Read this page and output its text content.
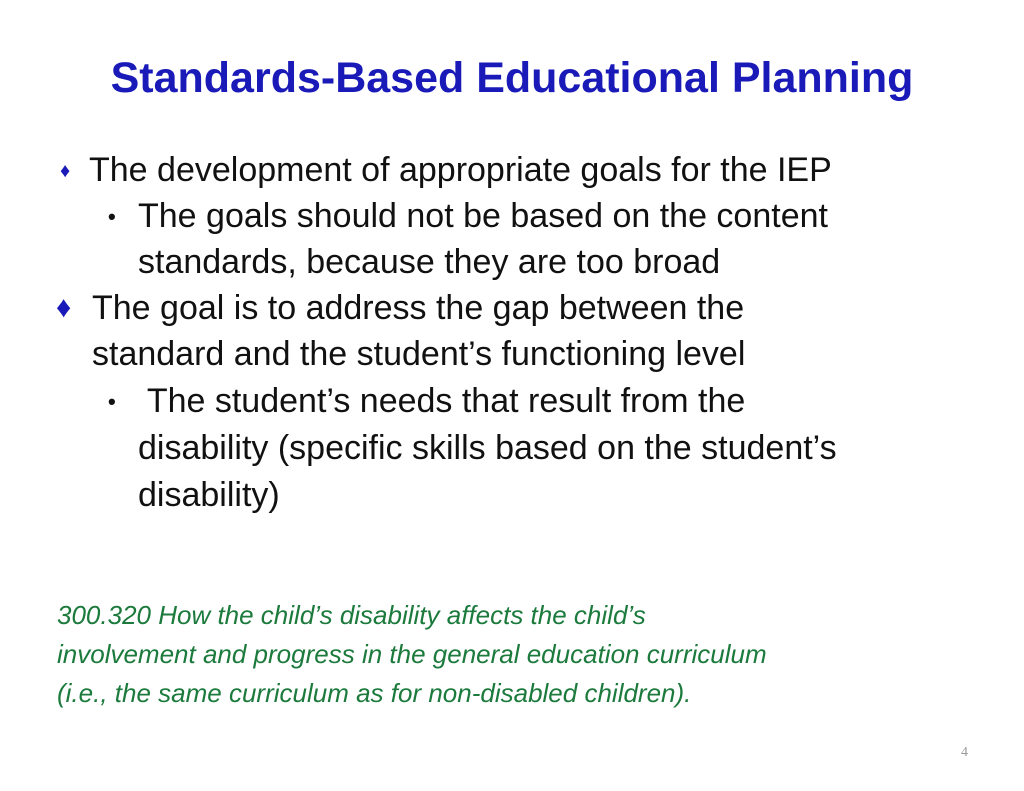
Standards-Based Educational Planning
♦ The development of appropriate goals for the IEP
• The goals should not be based on the content
standards, because they are too broad
♦ The goal is to address the gap between the
standard and the student’s functioning level
• The student’s needs that result from the
disability (specific skills based on the student’s
disability)
300.320 How the child’s disability affects the child’s
involvement and progress in the general education curriculum
(i.e., the same curriculum as for non-disabled children).
4
